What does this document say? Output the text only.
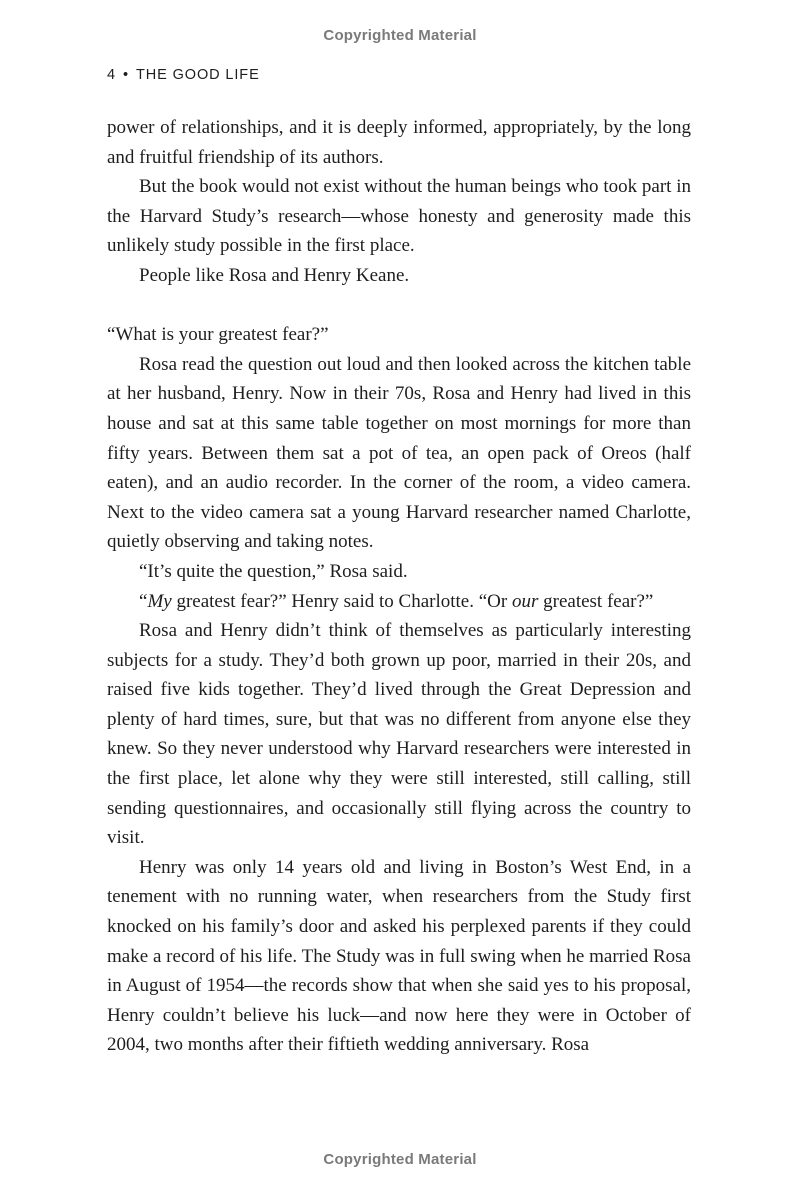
Copyrighted Material
4 • THE GOOD LIFE

power of relationships, and it is deeply informed, appropriately, by the long and fruitful friendship of its authors.

But the book would not exist without the human beings who took part in the Harvard Study’s research—whose honesty and generosity made this unlikely study possible in the first place.

People like Rosa and Henry Keane.

“What is your greatest fear?”

Rosa read the question out loud and then looked across the kitchen table at her husband, Henry. Now in their 70s, Rosa and Henry had lived in this house and sat at this same table together on most mornings for more than fifty years. Between them sat a pot of tea, an open pack of Oreos (half eaten), and an audio recorder. In the corner of the room, a video camera. Next to the video camera sat a young Harvard researcher named Charlotte, quietly observing and taking notes.

“It’s quite the question,” Rosa said.

“My greatest fear?” Henry said to Charlotte. “Or our greatest fear?”

Rosa and Henry didn’t think of themselves as particularly interesting subjects for a study. They’d both grown up poor, married in their 20s, and raised five kids together. They’d lived through the Great Depression and plenty of hard times, sure, but that was no different from anyone else they knew. So they never understood why Harvard researchers were interested in the first place, let alone why they were still interested, still calling, still sending questionnaires, and occasionally still flying across the country to visit.

Henry was only 14 years old and living in Boston’s West End, in a tenement with no running water, when researchers from the Study first knocked on his family’s door and asked his perplexed parents if they could make a record of his life. The Study was in full swing when he married Rosa in August of 1954—the records show that when she said yes to his proposal, Henry couldn’t believe his luck—and now here they were in October of 2004, two months after their fiftieth wedding anniversary. Rosa

Copyrighted Material
